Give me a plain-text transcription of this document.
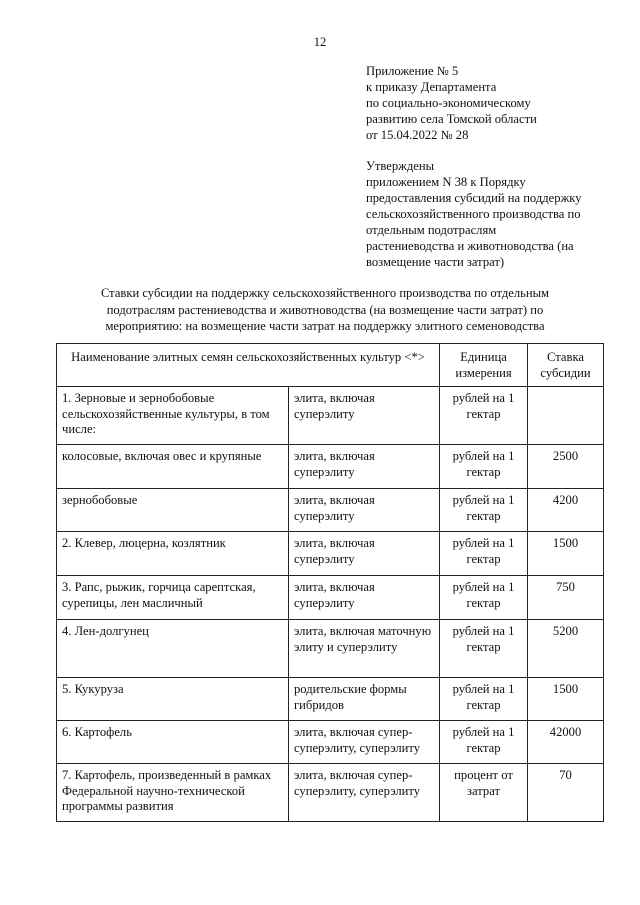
12
Приложение № 5
к приказу Департамента
по социально-экономическому
развитию села Томской области
от 15.04.2022 № 28
Утверждены
приложением N 38 к Порядку
предоставления субсидий на поддержку
сельскохозяйственного производства по
отдельным подотраслям
растениеводства и животноводства (на
возмещение части затрат)
Ставки субсидии на поддержку сельскохозяйственного производства по отдельным
подотраслям растениеводства и животноводства (на возмещение части затрат) по
мероприятию: на возмещение части затрат на поддержку элитного семеноводства
Наименование элитных семян сельскохозяйственных культур <*>		Единица измерения	Ставка субсидии
1. Зерновые и зернобобовые сельскохозяйственные культуры, в том числе:	элита, включая суперэлиту	рублей на 1 гектар	
колосовые, включая овес и крупяные	элита, включая суперэлиту	рублей на 1 гектар	2500
зернобобовые	элита, включая суперэлиту	рублей на 1 гектар	4200
2. Клевер, люцерна, козлятник	элита, включая суперэлиту	рублей на 1 гектар	1500
3. Рапс, рыжик, горчица сарептская, сурепицы, лен масличный	элита, включая суперэлиту	рублей на 1 гектар	750
4. Лен-долгунец	элита, включая маточную элиту и суперэлиту	рублей на 1 гектар	5200
5. Кукуруза	родительские формы гибридов	рублей на 1 гектар	1500
6. Картофель	элита, включая супер-суперэлиту, суперэлиту	рублей на 1 гектар	42000
7. Картофель, произведенный в рамках Федеральной научно-технической программы развития	элита, включая супер-суперэлиту, суперэлиту	процент от затрат	70
